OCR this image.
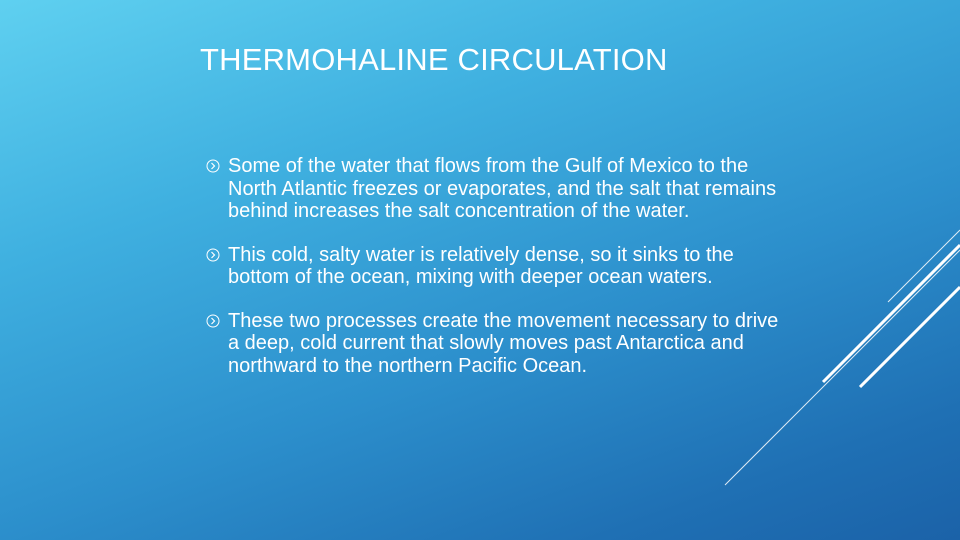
THERMOHALINE CIRCULATION
Some of the water that flows from the Gulf of Mexico to the North Atlantic freezes or evaporates, and the salt that remains behind increases the salt concentration of the water.
This cold, salty water is relatively dense, so it sinks to the bottom of the ocean, mixing with deeper ocean waters.
These two processes create the movement necessary to drive a deep, cold current that slowly moves past Antarctica and northward to the northern Pacific Ocean.
